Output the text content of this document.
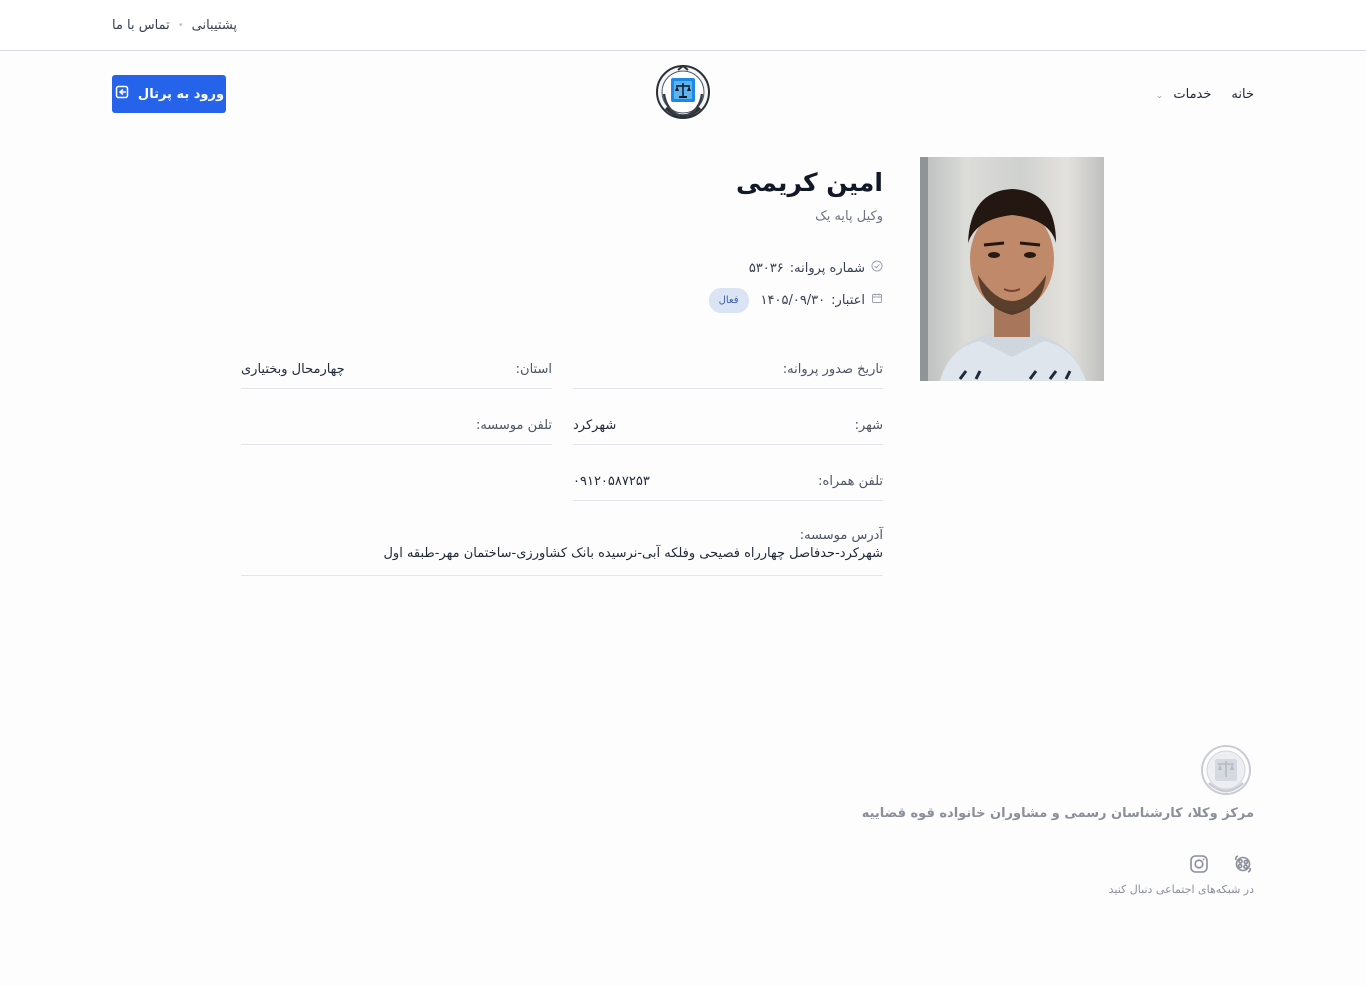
تماس با ما • پشتیبانی
خانه
خدمات ⌄
ورود به پرتال
امین کریمی
وکیل پایه یک
شماره پروانه:
۵۳۰۳۶
اعتبار:
۱۴۰۵/۰۹/۳۰
فعال
تاریخ صدور پروانه:
استان:
چهارمحال وبختیاری
شهر:
شهرکرد
تلفن موسسه:
تلفن همراه:
۰۹۱۲۰۵۸۷۲۵۳
آدرس موسسه:
شهرکرد-حدفاصل چهارراه فصیحی وفلکه آبی-نرسیده بانک کشاورزی-ساختمان مهر-طبقه اول
مرکز وکلا، کارشناسان رسمی و مشاوران خانواده قوه قضاییه
در شبکه‌های اجتماعی دنبال کنید
